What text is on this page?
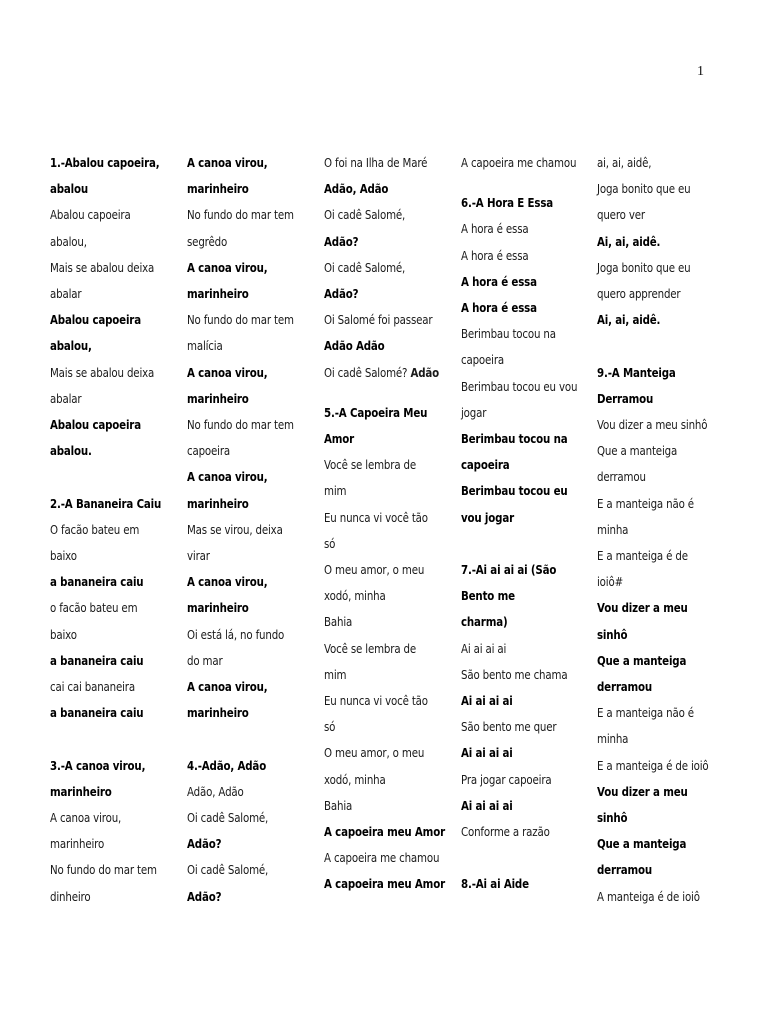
1
1.-Abalou capoeira,
abalou
Abalou capoeira
abalou,
Mais se abalou deixa
abalar
Abalou capoeira
abalou,
Mais se abalou deixa
abalar
Abalou capoeira
abalou.
2.-A Bananeira Caiu
O facão bateu em
baixo
a bananeira caiu
o facão bateu em
baixo
a bananeira caiu
cai cai bananeira
a bananeira caiu
3.-A canoa virou,
marinheiro
A canoa virou,
marinheiro
No fundo do mar tem
dinheiro
A canoa virou,
marinheiro
No fundo do mar tem
segrêdo
A canoa virou,
marinheiro
No fundo do mar tem
malícia
A canoa virou,
marinheiro
No fundo do mar tem
capoeira
A canoa virou,
marinheiro
Mas se virou, deixa
virar
A canoa virou,
marinheiro
Oi está lá, no fundo
do mar
A canoa virou,
marinheiro
4.-Adão, Adão
Adão, Adão
Oi cadê Salomé,
Adão?
Oi cadê Salomé,
Adão?
O foi na Ilha de Maré
Adão, Adão
Oi cadê Salomé,
Adão?
Oi cadê Salomé,
Adão?
Oi Salomé foi passear
Adão Adão
Oi cadê Salomé? Adão
5.-A Capoeira Meu
Amor
Você se lembra de
mim
Eu nunca vi você tão
só
O meu amor, o meu
xodó, minha
Bahia
Você se lembra de
mim
Eu nunca vi você tão
só
O meu amor, o meu
xodó, minha
Bahia
A capoeira meu Amor
A capoeira me chamou
A capoeira meu Amor
A capoeira me chamou
6.-A Hora E Essa
A hora é essa
A hora é essa
A hora é essa
A hora é essa
Berimbau tocou na
capoeira
Berimbau tocou eu vou
jogar
Berimbau tocou na
capoeira
Berimbau tocou eu
vou jogar
7.-Ai ai ai ai (São
Bento me
charma)
Ai ai ai ai
São bento me chama
Ai ai ai ai
São bento me quer
Ai ai ai ai
Pra jogar capoeira
Ai ai ai ai
Conforme a razão
8.-Ai ai Aide
ai, ai, aidê,
Joga bonito que eu
quero ver
Ai, ai, aidê.
Joga bonito que eu
quero apprender
Ai, ai, aidê.
9.-A Manteiga
Derramou
Vou dizer a meu sinhô
Que a manteiga
derramou
E a manteiga não é
minha
E a manteiga é de
ioiô#
Vou dizer a meu
sinhô
Que a manteiga
derramou
E a manteiga não é
minha
E a manteiga é de ioiô
Vou dizer a meu
sinhô
Que a manteiga
derramou
A manteiga é de ioiô
